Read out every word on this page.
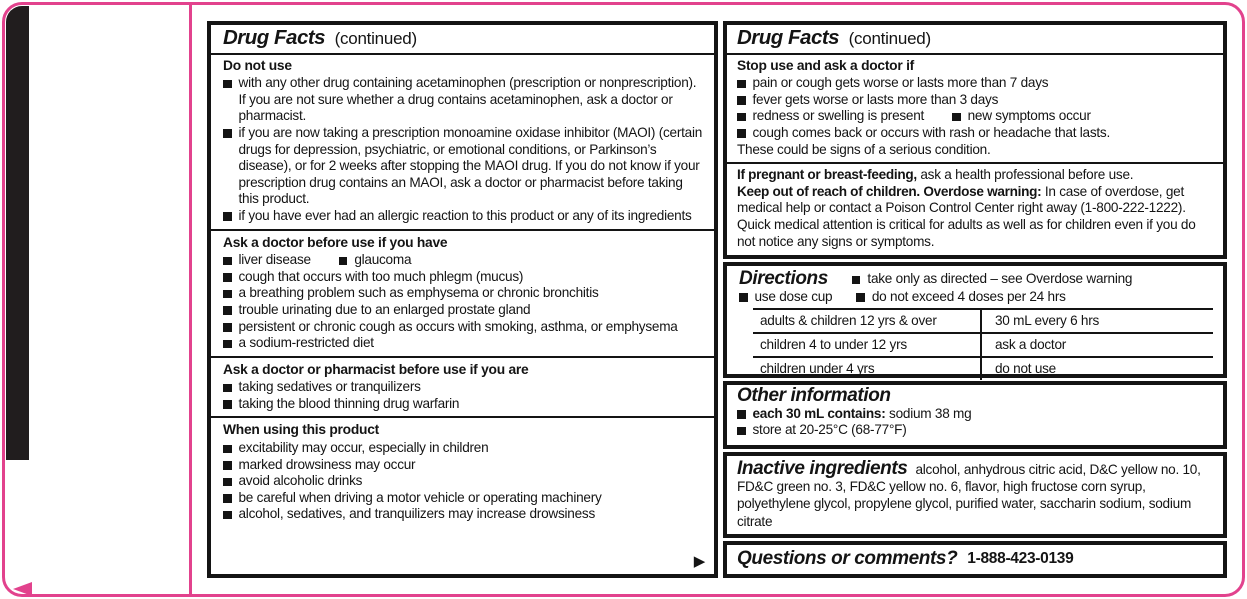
Drug Facts (continued)
Do not use
with any other drug containing acetaminophen (prescription or nonprescription). If you are not sure whether a drug contains acetaminophen, ask a doctor or pharmacist.
if you are now taking a prescription monoamine oxidase inhibitor (MAOI) (certain drugs for depression, psychiatric, or emotional conditions, or Parkinson’s disease), or for 2 weeks after stopping the MAOI drug. If you do not know if your prescription drug contains an MAOI, ask a doctor or pharmacist before taking this product.
if you have ever had an allergic reaction to this product or any of its ingredients
Ask a doctor before use if you have
liver disease	glaucoma
cough that occurs with too much phlegm (mucus)
a breathing problem such as emphysema or chronic bronchitis
trouble urinating due to an enlarged prostate gland
persistent or chronic cough as occurs with smoking, asthma, or emphysema
a sodium-restricted diet
Ask a doctor or pharmacist before use if you are
taking sedatives or tranquilizers
taking the blood thinning drug warfarin
When using this product
excitability may occur, especially in children
marked drowsiness may occur
avoid alcoholic drinks
be careful when driving a motor vehicle or operating machinery
alcohol, sedatives, and tranquilizers may increase drowsiness
▶
Drug Facts (continued)
Stop use and ask a doctor if
pain or cough gets worse or lasts more than 7 days
fever gets worse or lasts more than 3 days
redness or swelling is present	new symptoms occur
cough comes back or occurs with rash or headache that lasts.

These could be signs of a serious condition.

If pregnant or breast-feeding, ask a health professional before use.

Keep out of reach of children. Overdose warning: In case of overdose, get medical help or contact a Poison Control Center right away (1-800-222-1222). Quick medical attention is critical for adults as well as for children even if you do not notice any signs or symptoms.

Directions	take only as directed – see Overdose warning
use dose cup	do not exceed 4 doses per 24 hrs
adults & children 12 yrs & over	30 mL every 6 hrs
children 4 to under 12 yrs	ask a doctor
children under 4 yrs	do not use
Other information
each 30 mL contains: sodium 38 mg
store at 20-25°C (68-77°F)

Inactive ingredients alcohol, anhydrous citric acid, D&C yellow no. 10, FD&C green no. 3, FD&C yellow no. 6, flavor, high fructose corn syrup, polyethylene glycol, propylene glycol, purified water, saccharin sodium, sodium citrate

Questions or comments? 1-888-423-0139
